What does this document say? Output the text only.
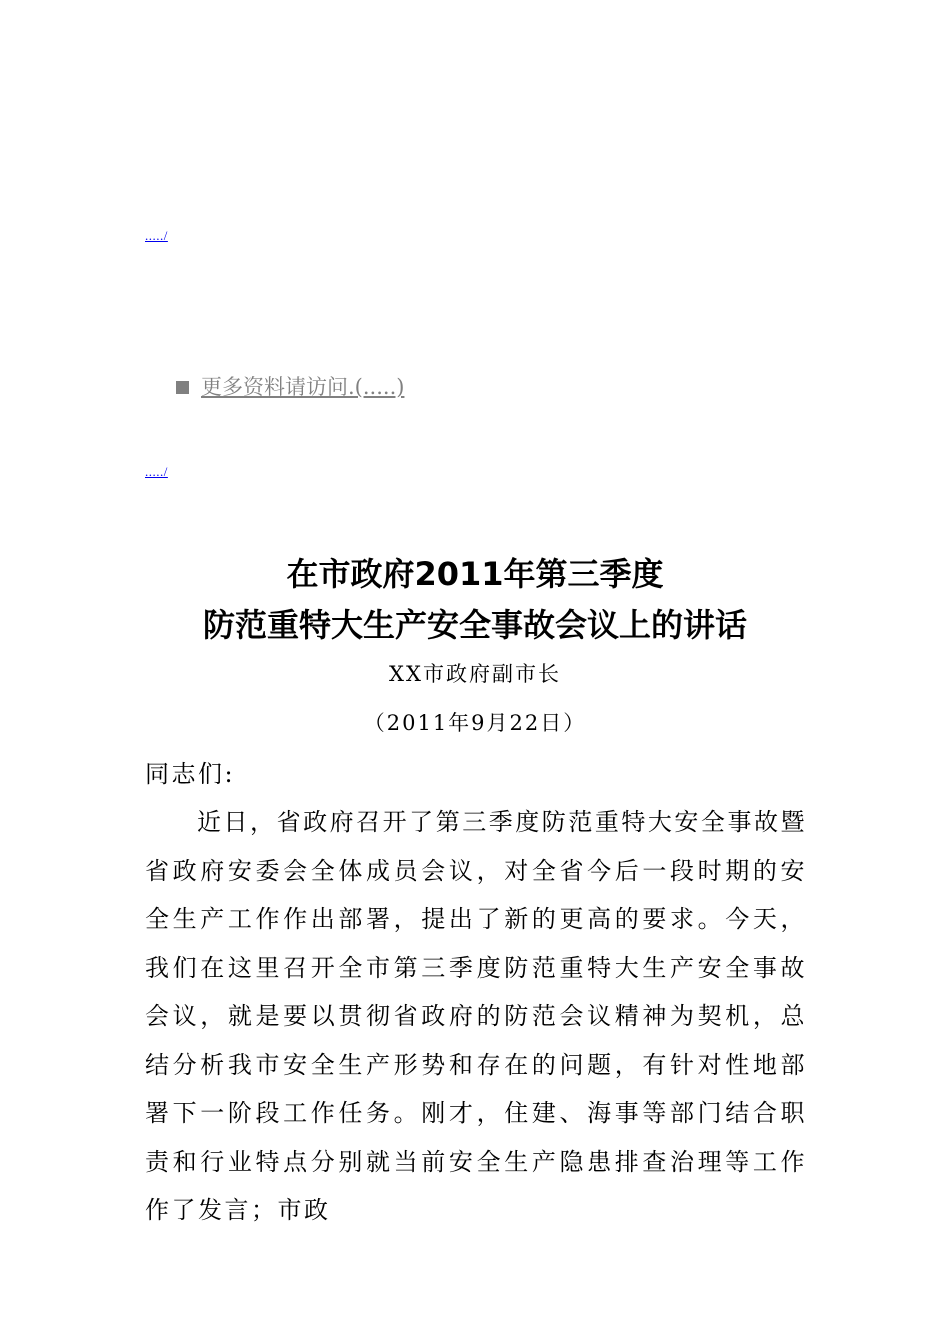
...../
更多资料请访问.(.....)
...../
在市政府2011年第三季度
防范重特大生产安全事故会议上的讲话
XX市政府副市长
（2011年9月22日）

同志们:

近日，省政府召开了第三季度防范重特大安全事故暨省政府安委会全体成员会议，对全省今后一段时期的安全生产工作作出部署，提出了新的更高的要求。今天，我们在这里召开全市第三季度防范重特大生产安全事故会议，就是要以贯彻省政府的防范会议精神为契机，总结分析我市安全生产形势和存在的问题，有针对性地部署下一阶段工作任务。刚才，住建、海事等部门结合职责和行业特点分别就当前安全生产隐患排查治理等工作作了发言；市政
